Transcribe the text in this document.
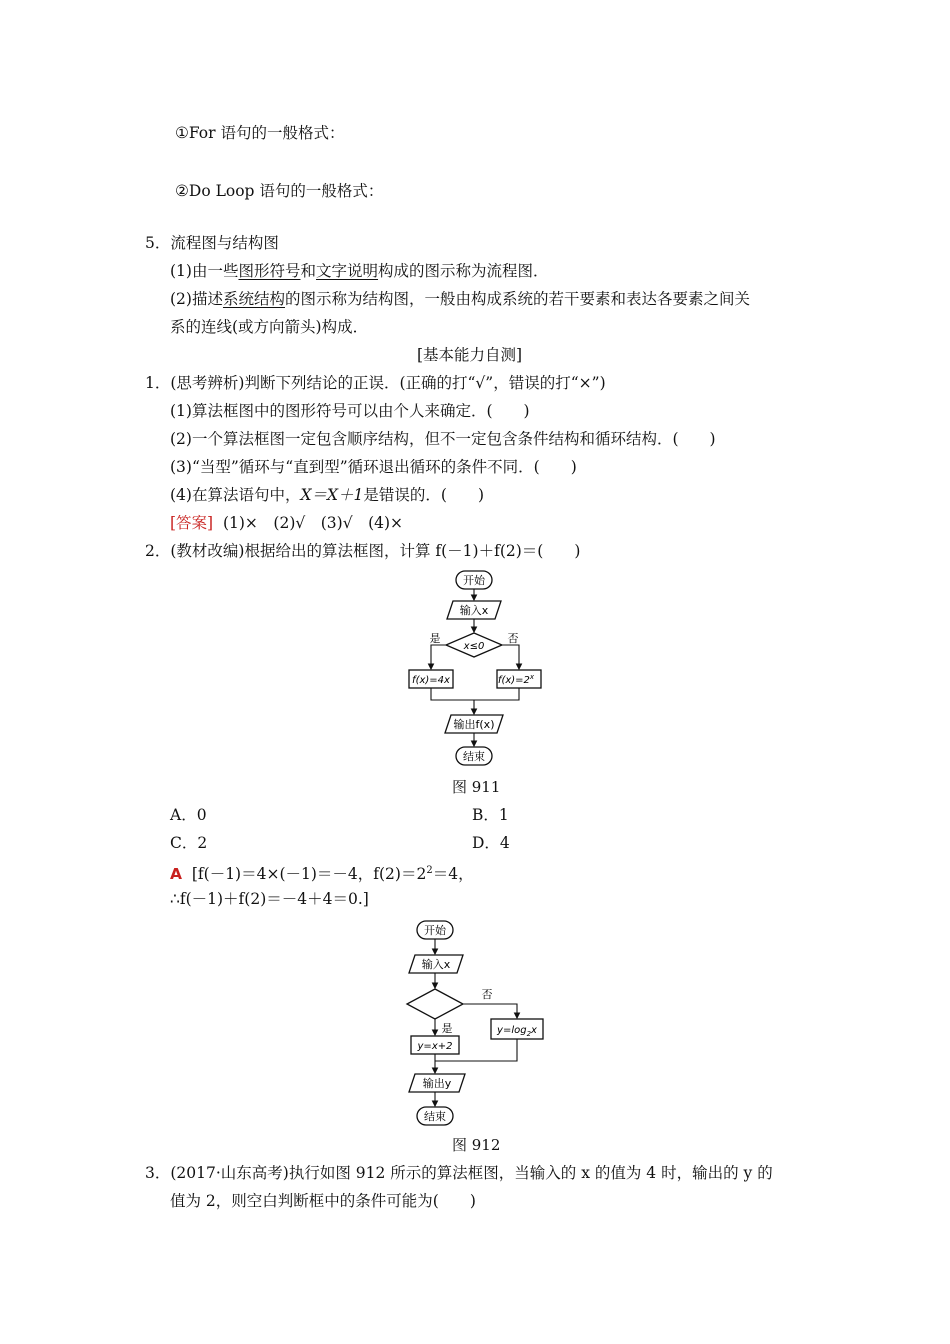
①For 语句的一般格式：
②Do Loop 语句的一般格式：
5．流程图与结构图
(1)由一些图形符号和文字说明构成的图示称为流程图．
(2)描述系统结构的图示称为结构图，一般由构成系统的若干要素和表达各要素之间关
系的连线(或方向箭头)构成．
[基本能力自测]
1．(思考辨析)判断下列结论的正误．(正确的打“√”，错误的打“×”)
(1)算法框图中的图形符号可以由个人来确定．(　　)
(2)一个算法框图一定包含顺序结构，但不一定包含条件结构和循环结构．(　　)
(3)“当型”循环与“直到型”循环退出循环的条件不同．(　　)
(4)在算法语句中，X＝X＋1是错误的．(　　)
[答案] (1)×　(2)√　(3)√　(4)×
2．(教材改编)根据给出的算法框图，计算 f(－1)＋f(2)＝(　　)
开始
输入x
x≤0
是	否
f(x)=4x	$f(x)=2^x$
输出f(x)
结束
图 911
A．0	B．1
C．2	D．4
A [f(－1)＝4×(－1)＝－4，$f(2)=2^2=4$，
∴f(－1)＋f(2)＝－4＋4＝0.]
开始
输入x
否
$y=\log_2x$
是
y=x+2
输出y
结束
图 912
3．(2017·山东高考)执行如图 912 所示的算法框图，当输入的 x 的值为 4 时，输出的 y 的
值为 2，则空白判断框中的条件可能为(　　)
